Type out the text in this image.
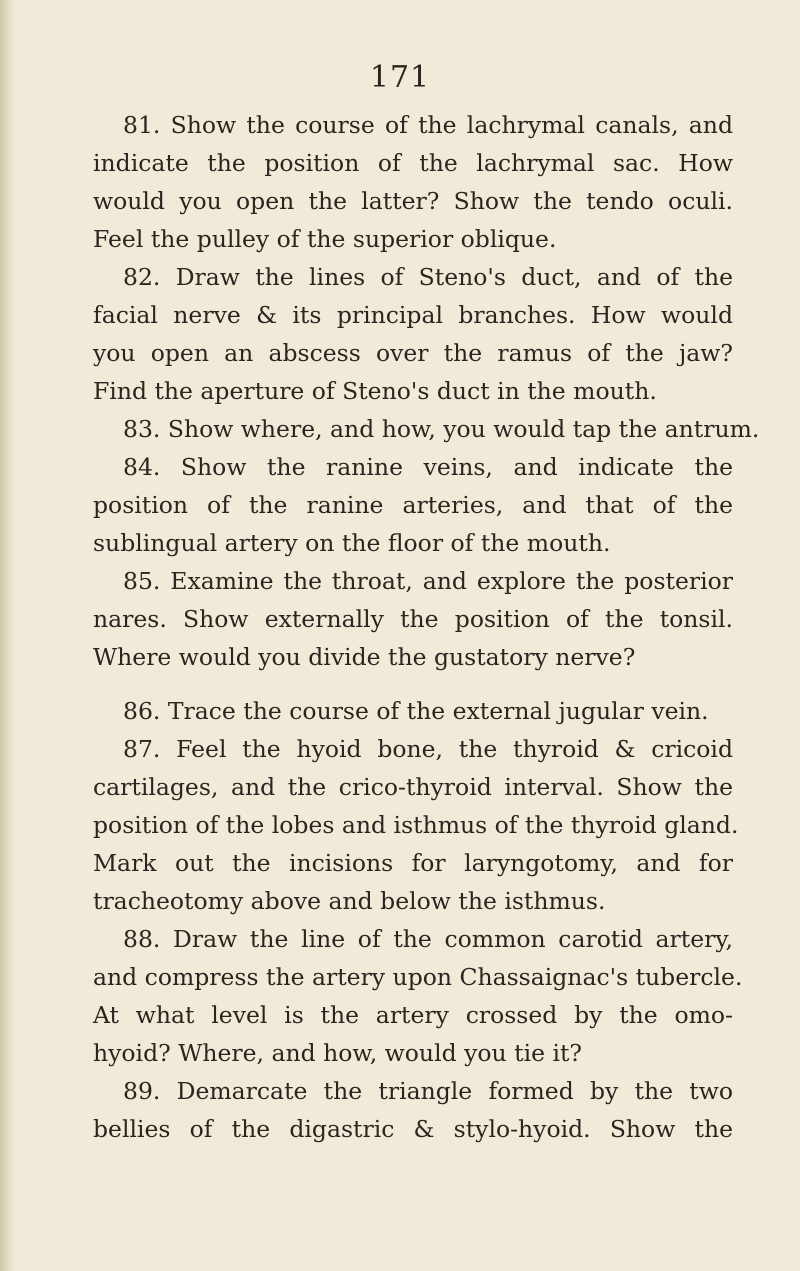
171
81. Show the course of the lachrymal canals, and
indicate the position of the lachrymal sac. How
would you open the latter? Show the tendo oculi.
Feel the pulley of the superior oblique.
82. Draw the lines of Steno's duct, and of the
facial nerve & its principal branches. How would
you open an abscess over the ramus of the jaw?
Find the aperture of Steno's duct in the mouth.
83. Show where, and how, you would tap the antrum.
84. Show the ranine veins, and indicate the
position of the ranine arteries, and that of the
sublingual artery on the floor of the mouth.
85. Examine the throat, and explore the posterior
nares. Show externally the position of the tonsil.
Where would you divide the gustatory nerve?
86. Trace the course of the external jugular vein.
87. Feel the hyoid bone, the thyroid & cricoid
cartilages, and the crico-thyroid interval. Show the
position of the lobes and isthmus of the thyroid gland.
Mark out the incisions for laryngotomy, and for
tracheotomy above and below the isthmus.
88. Draw the line of the common carotid artery,
and compress the artery upon Chassaignac's tubercle.
At what level is the artery crossed by the omo-
hyoid? Where, and how, would you tie it?
89. Demarcate the triangle formed by the two
bellies of the digastric & stylo-hyoid. Show the
